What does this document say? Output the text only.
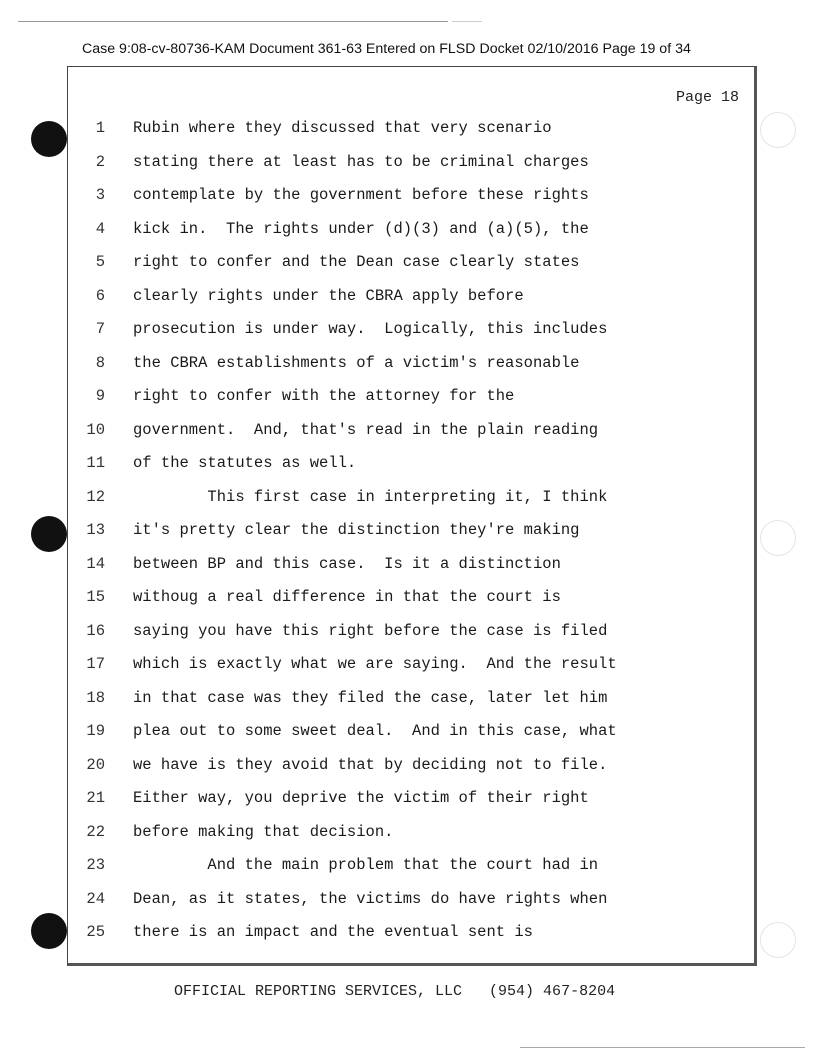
Case 9:08-cv-80736-KAM Document 361-63 Entered on FLSD Docket 02/10/2016 Page 19 of 34
Page 18
1 Rubin where they discussed that very scenario
2 stating there at least has to be criminal charges
3 contemplate by the government before these rights
4 kick in.  The rights under (d)(3) and (a)(5), the
5 right to confer and the Dean case clearly states
6 clearly rights under the CBRA apply before
7 prosecution is under way.  Logically, this includes
8 the CBRA establishments of a victim's reasonable
9 right to confer with the attorney for the
10 government.  And, that's read in the plain reading
11 of the statutes as well.
12 This first case in interpreting it, I think
13 it's pretty clear the distinction they're making
14 between BP and this case.  Is it a distinction
15 withoug a real difference in that the court is
16 saying you have this right before the case is filed
17 which is exactly what we are saying.  And the result
18 in that case was they filed the case, later let him
19 plea out to some sweet deal.  And in this case, what
20 we have is they avoid that by deciding not to file.
21 Either way, you deprive the victim of their right
22 before making that decision.
23 And the main problem that the court had in
24 Dean, as it states, the victims do have rights when
25 there is an impact and the eventual sent is
OFFICIAL REPORTING SERVICES, LLC   (954) 467-8204
